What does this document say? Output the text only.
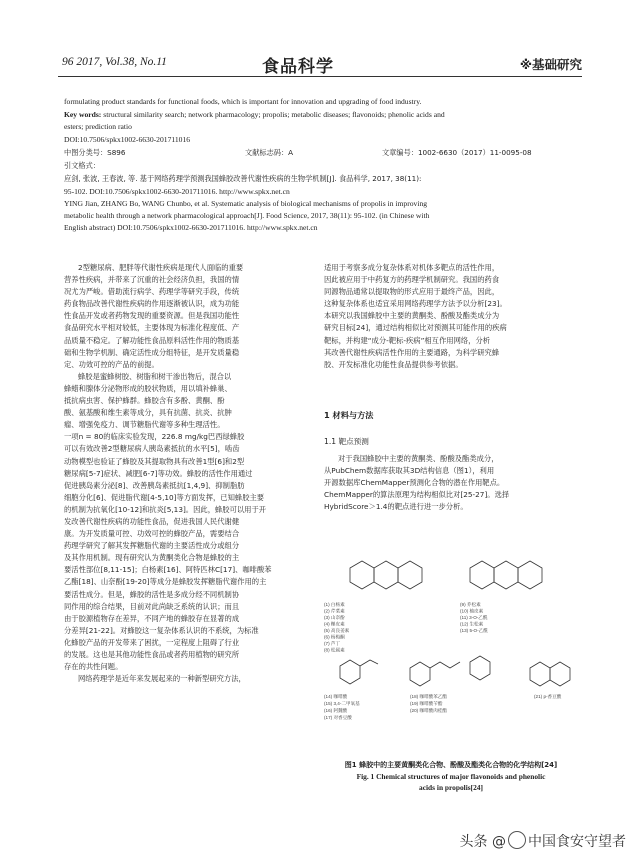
96 2017, Vol.38, No.11	食品科学	※基础研究
formulating product standards for functional foods, which is important for innovation and upgrading of food industry.
Key words: structural similarity search; network pharmacology; propolis; metabolic diseases; flavonoids; phenolic acids and
esters; prediction ratio
DOI:10.7506/spkx1002-6630-201711016
中图分类号：S896	文献标志码：A	文章编号：1002-6630（2017）11-0095-08
引文格式：
应剑, 张波, 王春波, 等. 基于网络药理学预测我国蜂胶改善代谢性疾病的生物学机制[J]. 食品科学, 2017, 38(11):
95-102. DOI:10.7506/spkx1002-6630-201711016. http://www.spkx.net.cn
YING Jian, ZHANG Bo, WANG Chunbo, et al. Systematic analysis of biological mechanisms of propolis in improving
metabolic health through a network pharmacological approach[J]. Food Science, 2017, 38(11): 95-102. (in Chinese with
English abstract) DOI:10.7506/spkx1002-6630-201711016. http://www.spkx.net.cn

2型糖尿病、肥胖等代谢性疾病是现代人面临的重要

营养性疾病，并带来了沉重的社会经济负担，我国的情

况尤为严峻。借助流行病学、药理学等研究手段，传统

药食物品改善代谢性疾病的作用逐渐被认识，成为功能

性食品开发或者药物发现的重要资源。但是我国功能性

食品研究水平相对较低，主要体现为标准化程度低、产

品质量不稳定。了解功能性食品原料活性作用的物质基

础和生物学机制、确定活性成分组特征，是开发质量稳

定、功效可控的产品的前提。

蜂胶是蜜蜂树胶、树脂和树干渗出物后，混合以

蜂蜡和腺体分泌物形成的胶状物质，用以填补蜂巢、

抵抗病虫害、保护蜂群。蜂胶含有多酚、黄酮、酚

酸、氨基酸和维生素等成分，具有抗菌、抗炎、抗肿

瘤、增强免疫力、调节糖脂代谢等多种生理活性。

一项n = 80的临床实验发现，226.8 mg/kg巴西绿蜂胶

可以有效改善2型糖尿病人胰岛素抵抗的水平[5]，啮齿

动物模型也验证了蜂胶及其提取物具有改善1型[6]和2型

糖尿病[5-7]症状、减肥[6-7]等功效。蜂胶的活性作用通过

促进胰岛素分泌[8]、改善胰岛素抵抗[1,4,9]、抑制脂肪

细胞分化[6]、促进脂代谢[4-5,10]等方面发挥，已知蜂胶主要

的机制为抗氧化[10-12]和抗炎[5,13]。因此，蜂胶可以用于开

发改善代谢性疾病的功能性食品，促进我国人民代谢健

康。为开发质量可控、功效可控的蜂胶产品，需要结合

药理学研究了解其发挥糖脂代谢的主要活性成分或组分

及其作用机制。现有研究认为黄酮类化合物是蜂胶的主

要活性部位[8,11-15]；白杨素[16]、阿特匹林C[17]、咖啡酸苯

乙酯[18]、山奈酚[19-20]等成分是蜂胶发挥糖脂代谢作用的主

要活性成分。但是，蜂胶的活性是多成分经不同机制协

同作用的综合结果，目前对此尚缺乏系统的认识；而且

由于胶源植物存在差异，不同产地的蜂胶存在显著的成

分差异[21-22]。对蜂胶这一复杂体系认识的不系统，为标准

化蜂胶产品的开发带来了困扰，一定程度上阻碍了行业

的发展。这也是其他功能性食品或者药用植物的研究所

存在的共性问题。

网络药理学是近年来发展起来的一种新型研究方法，

适用于考察多成分复杂体系对机体多靶点的活性作用，

因此被应用于中药复方的药理学机制研究。我国的药食

同源物品通常以提取物的形式应用于最终产品，因此，

这种复杂体系也适宜采用网络药理学方法予以分析[23]。

本研究以我国蜂胶中主要的黄酮类、酚酸及酯类成分为

研究目标[24]，通过结构相似比对预测其可能作用的疾病

靶标，并构建“成分-靶标-疾病”相互作用网络，分析

其改善代谢性疾病活性作用的主要通路，为科学研究蜂

胶、开发标准化功能性食品提供参考依据。

1 材料与方法
1.1 靶点预测

对于我国蜂胶中主要的黄酮类、酚酸及酯类成分，

从PubChem数据库获取其3D结构信息（图1），利用

开源数据库ChemMapper预测化合物的潜在作用靶点。

ChemMapper的算法原理为结构相似比对[25-27]。选择

HybridScore＞1.4的靶点进行进一步分析。

(1) 白杨素
(2) 芹菜素
(3) 山奈酚
(4) 槲皮素
(5) 高良姜素
(6) 杨梅酮
(7) 芦丁
(8) 松属素
(9) 乔松素
(10) 柚皮素
(11) 3-O-乙酰
(12) 生松素
(13) 5-O-乙酰
(14) 咖啡酸
(15) 3,4-二甲氧基
(16) 阿魏酸
(17) 对香豆酸
(18) 咖啡酸苯乙酯
(19) 咖啡酸苄酯
(20) 咖啡酸肉桂酯
(21) p-香豆酸
图1 蜂胶中的主要黄酮类化合物、酚酸及酯类化合物的化学结构[24]
Fig. 1 Chemical structures of major flavonoids and phenolic
acids in propolis[24]
头条 @ 中国食安守望者
